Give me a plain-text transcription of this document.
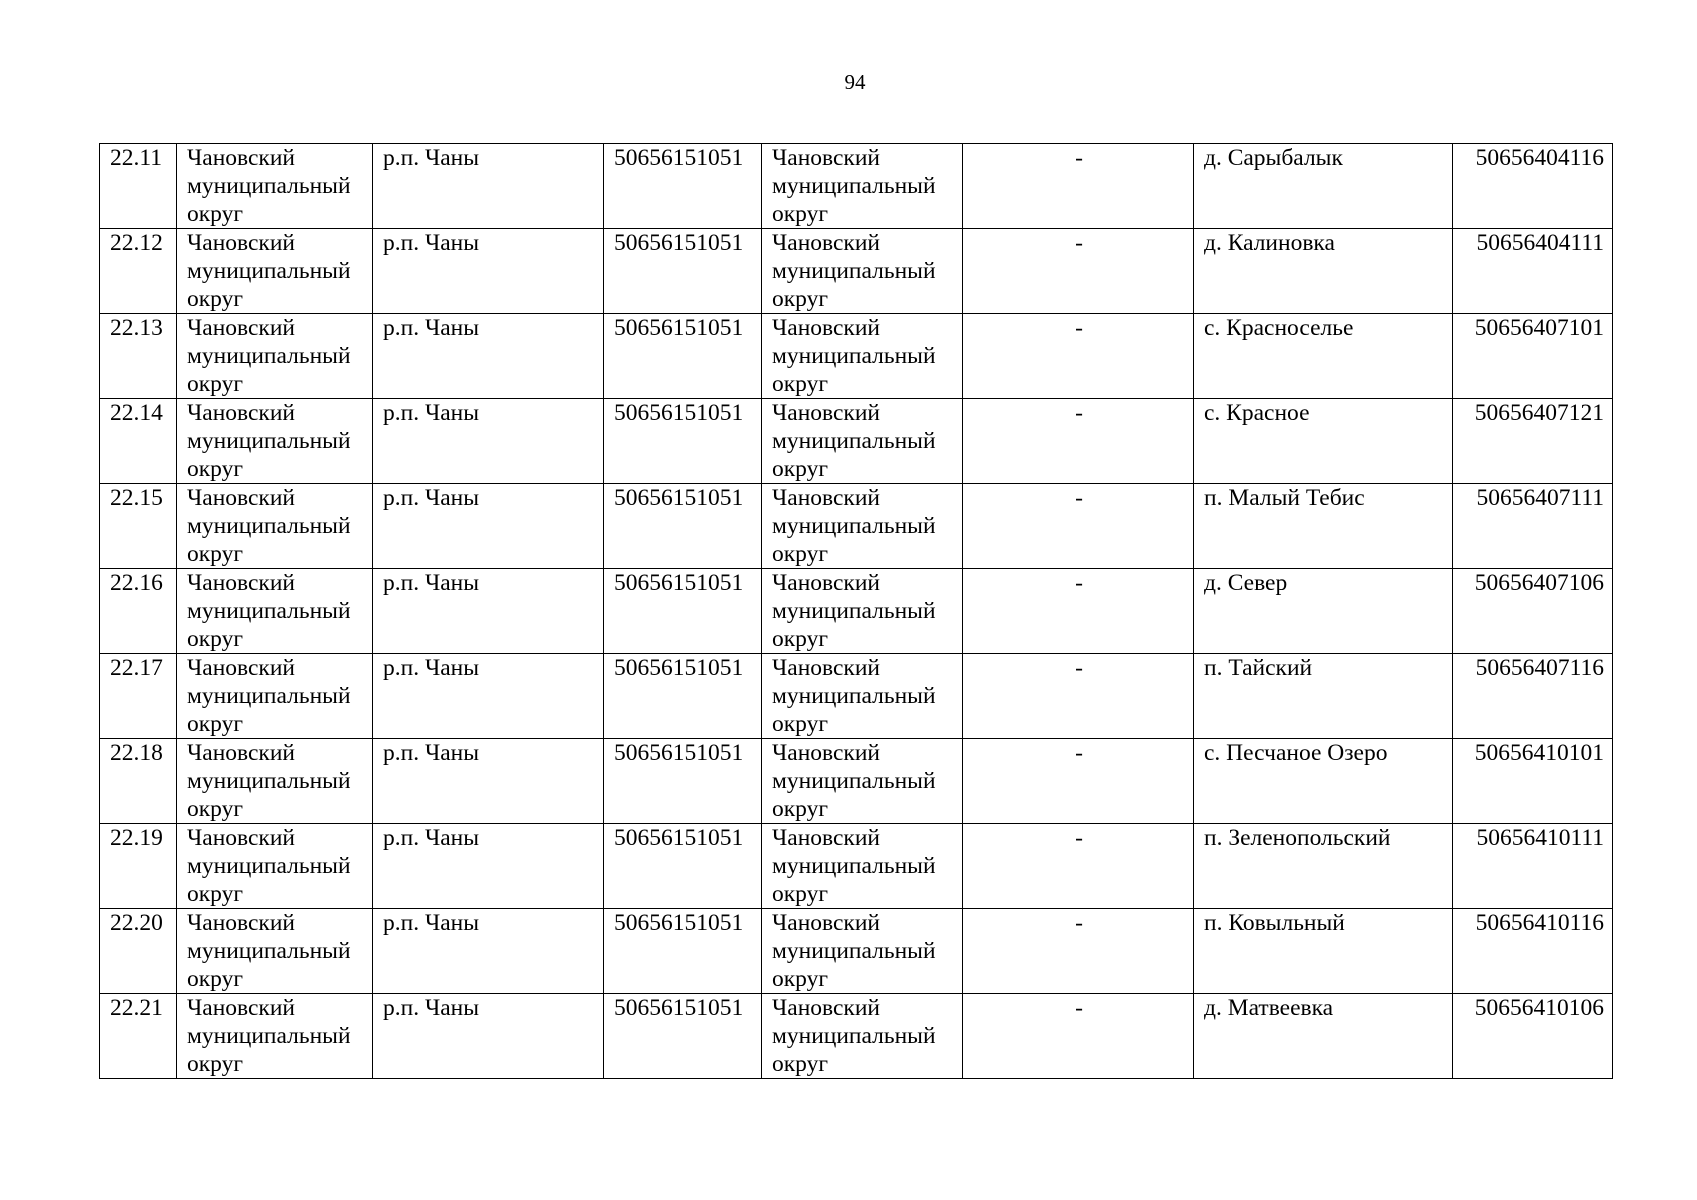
94
22.11	Чановский муниципальный округ	р.п. Чаны	50656151051	Чановский муниципальный округ	-	д. Сарыбалык	50656404116
22.12	Чановский муниципальный округ	р.п. Чаны	50656151051	Чановский муниципальный округ	-	д. Калиновка	50656404111
22.13	Чановский муниципальный округ	р.п. Чаны	50656151051	Чановский муниципальный округ	-	с. Красноселье	50656407101
22.14	Чановский муниципальный округ	р.п. Чаны	50656151051	Чановский муниципальный округ	-	с. Красное	50656407121
22.15	Чановский муниципальный округ	р.п. Чаны	50656151051	Чановский муниципальный округ	-	п. Малый Тебис	50656407111
22.16	Чановский муниципальный округ	р.п. Чаны	50656151051	Чановский муниципальный округ	-	д. Север	50656407106
22.17	Чановский муниципальный округ	р.п. Чаны	50656151051	Чановский муниципальный округ	-	п. Тайский	50656407116
22.18	Чановский муниципальный округ	р.п. Чаны	50656151051	Чановский муниципальный округ	-	с. Песчаное Озеро	50656410101
22.19	Чановский муниципальный округ	р.п. Чаны	50656151051	Чановский муниципальный округ	-	п. Зеленопольский	50656410111
22.20	Чановский муниципальный округ	р.п. Чаны	50656151051	Чановский муниципальный округ	-	п. Ковыльный	50656410116
22.21	Чановский муниципальный округ	р.п. Чаны	50656151051	Чановский муниципальный округ	-	д. Матвеевка	50656410106
